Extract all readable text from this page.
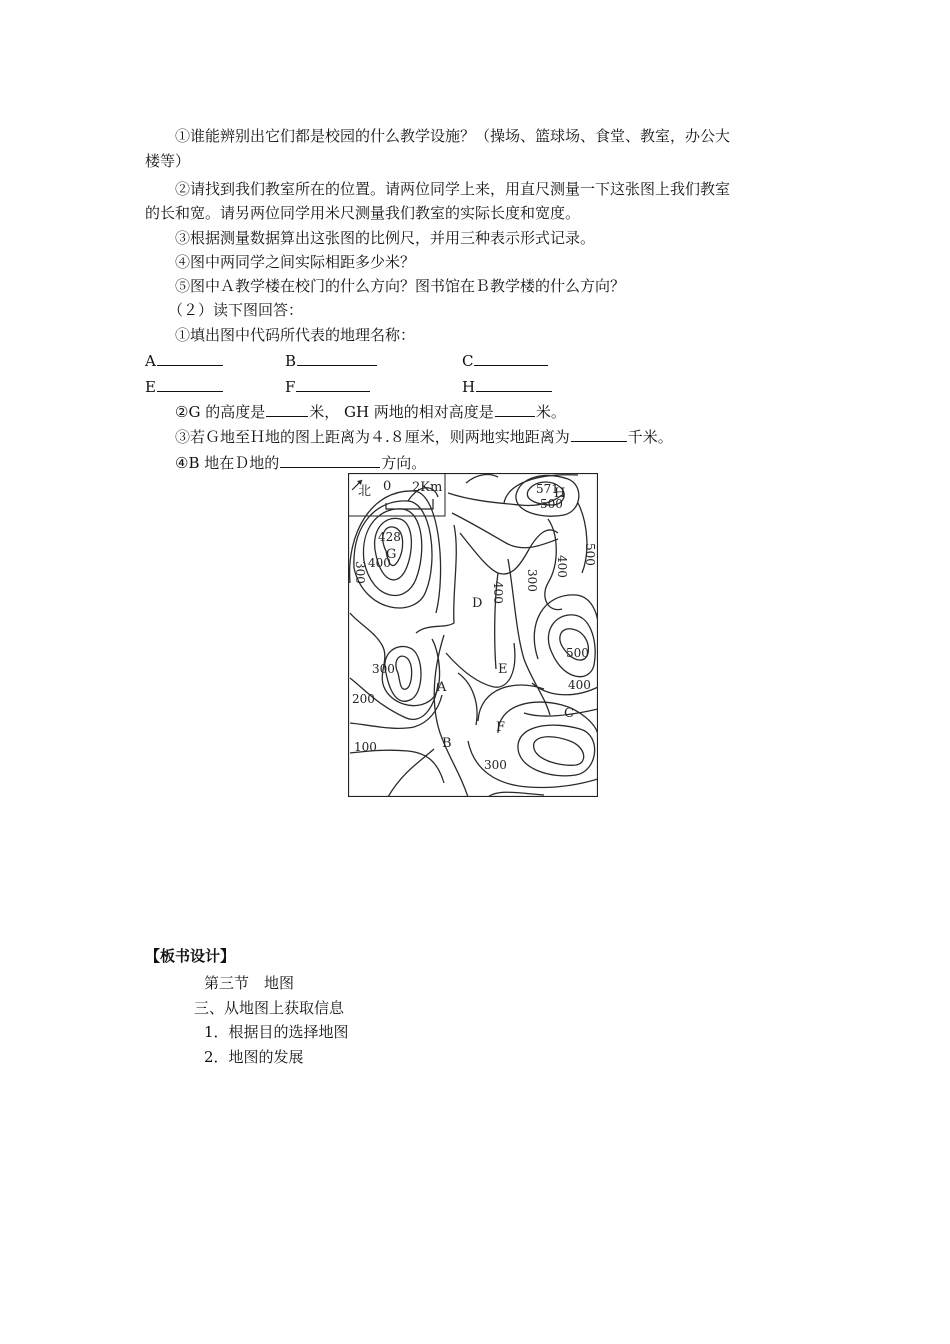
①谁能辨别出它们都是校园的什么教学设施？（操场、篮球场、食堂、教室，办公大
楼等）
②请找到我们教室所在的位置。请两位同学上来，用直尺测量一下这张图上我们教室
的长和宽。请另两位同学用米尺测量我们教室的实际长度和宽度。
③根据测量数据算出这张图的比例尺，并用三种表示形式记录。
④图中两同学之间实际相距多少米？
⑤图中Ａ教学楼在校门的什么方向？图书馆在Ｂ教学楼的什么方向？
（２）读下图回答：
①填出图中代码所代表的地理名称：
A	B	C
E	F	H
②G 的高度是	米， GH 两地的相对高度是	米。
③若Ｇ地至Ｈ地的图上距离为４.８厘米，则两地实地距离为	千米。
④B 地在Ｄ地的	方向。
北 0 2Km
G
H
D
E
A
C
F
B
428
400
300
571
500
500
400
300
400
500
400
300
200
100
300
【板书设计】
第三节　地图
三、从地图上获取信息
1．根据目的选择地图
2．地图的发展
